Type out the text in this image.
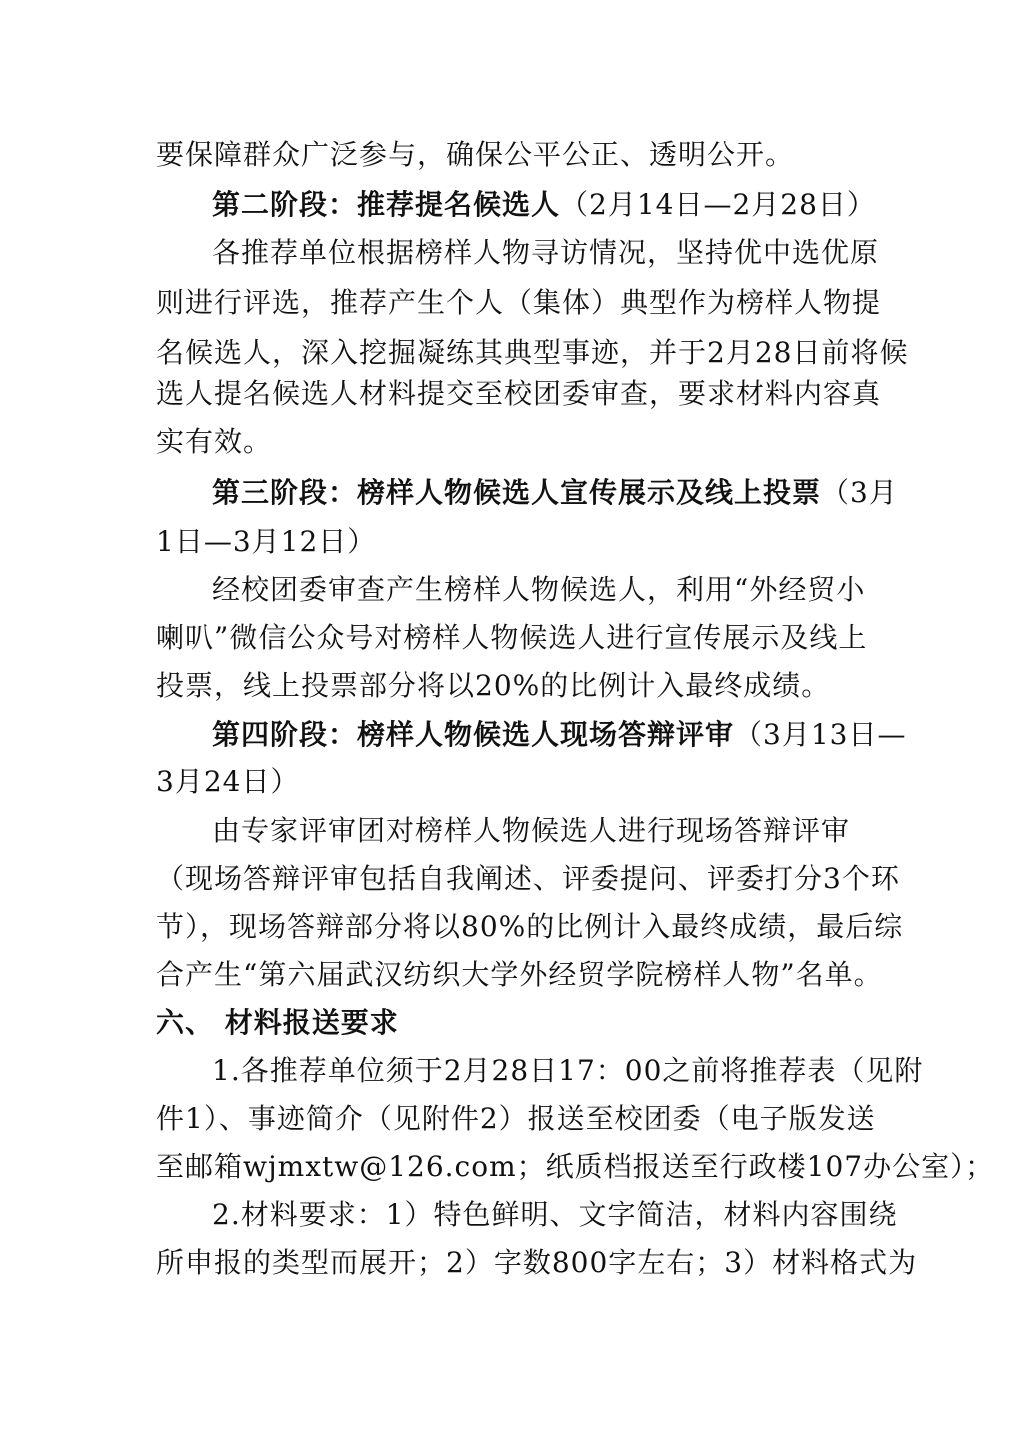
要保障群众广泛参与，确保公平公正、透明公开。
第二阶段：推荐提名候选人（2月14日—2月28日）
各推荐单位根据榜样人物寻访情况，坚持优中选优原
则进行评选，推荐产生个人（集体）典型作为榜样人物提
名候选人，深入挖掘凝练其典型事迹，并于2月28日前将候
选人提名候选人材料提交至校团委审查，要求材料内容真
实有效。
第三阶段：榜样人物候选人宣传展示及线上投票（3月
1日—3月12日）
经校团委审查产生榜样人物候选人，利用“外经贸小
喇叭”微信公众号对榜样人物候选人进行宣传展示及线上
投票，线上投票部分将以20%的比例计入最终成绩。
第四阶段：榜样人物候选人现场答辩评审（3月13日—
3月24日）
由专家评审团对榜样人物候选人进行现场答辩评审
（现场答辩评审包括自我阐述、评委提问、评委打分3个环
节），现场答辩部分将以80%的比例计入最终成绩，最后综
合产生“第六届武汉纺织大学外经贸学院榜样人物”名单。
六、 材料报送要求
1.各推荐单位须于2月28日17：00之前将推荐表（见附
件1）、事迹简介（见附件2）报送至校团委（电子版发送
至邮箱wjmxtw@126.com；纸质档报送至行政楼107办公室）；
2.材料要求：1）特色鲜明、文字简洁，材料内容围绕
所申报的类型而展开；2）字数800字左右；3）材料格式为
